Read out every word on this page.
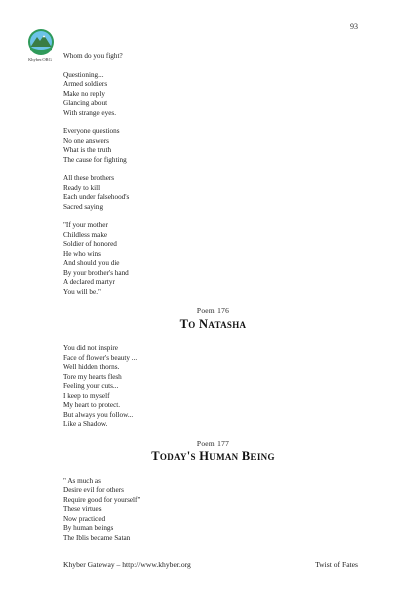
93
Khyber.ORG	Whom do you fight?
Questioning...
Armed soldiers
Make no reply
Glancing about
With strange eyes.
Everyone questions
No one answers
What is the truth
The cause for fighting
All these brothers
Ready to kill
Each under falsehood's
Sacred saying
"If your mother
Childless make
Soldier of honored
He who wins
And should you die
By your brother's hand
A declared martyr
You will be."
Poem 176
To Natasha
You did not inspire
Face of flower's beauty ...
Well hidden thorns.
Tore my hearts flesh
Feeling your cuts...
I keep to myself
My heart to protect.
But always you follow...
Like a Shadow.
Poem 177
Today's Human Being
" As much as
Desire evil for others
Require good for yourself"
These virtues
Now practiced
By human beings
The Iblis became Satan
Khyber Gateway – http://www.khyber.org	Twist of Fates
